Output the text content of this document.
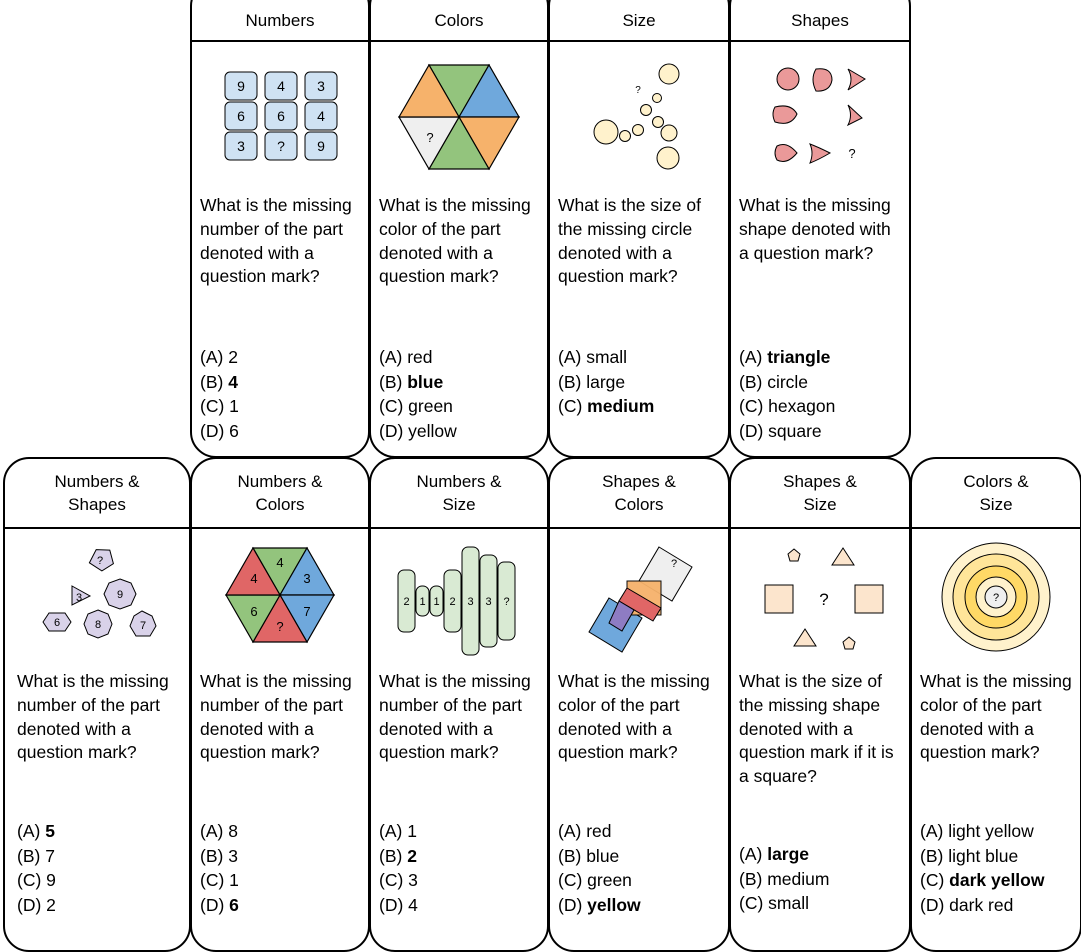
Numbers
9 4 3
6 6 4
3 ? 9
What is the missing number of the part denoted with a question mark?
(A) 2
(B) 4
(C) 1
(D) 6
Colors
?
What is the missing color of the part denoted with a question mark?
(A) red
(B) blue
(C) green
(D) yellow
Size
?
What is the size of the missing circle denoted with a question mark?
(A) small
(B) large
(C) medium
Shapes
?
What is the missing shape denoted with a question mark?
(A) triangle
(B) circle
(C) hexagon
(D) square
Numbers &
Shapes
?
3	9
6	8	7
What is the missing number of the part denoted with a question mark?
(A) 5
(B) 7
(C) 9
(D) 2
Numbers &
Colors
4
4
3
6	7
?
What is the missing number of the part denoted with a question mark?
(A) 8
(B) 3
(C) 1
(D) 6
Numbers &
Size
2 1 1 2 3 3 ?
What is the missing number of the part denoted with a question mark?
(A) 1
(B) 2
(C) 3
(D) 4
Shapes &
Colors
?
What is the missing color of the part denoted with a question mark?
(A) red
(B) blue
(C) green
(D) yellow
Shapes &
Size
?
What is the size of the missing shape denoted with a question mark if it is a square?
(A) large
(B) medium
(C) small
Colors &
Size
?
What is the missing color of the part denoted with a question mark?
(A) light yellow
(B) light blue
(C) dark yellow
(D) dark red
